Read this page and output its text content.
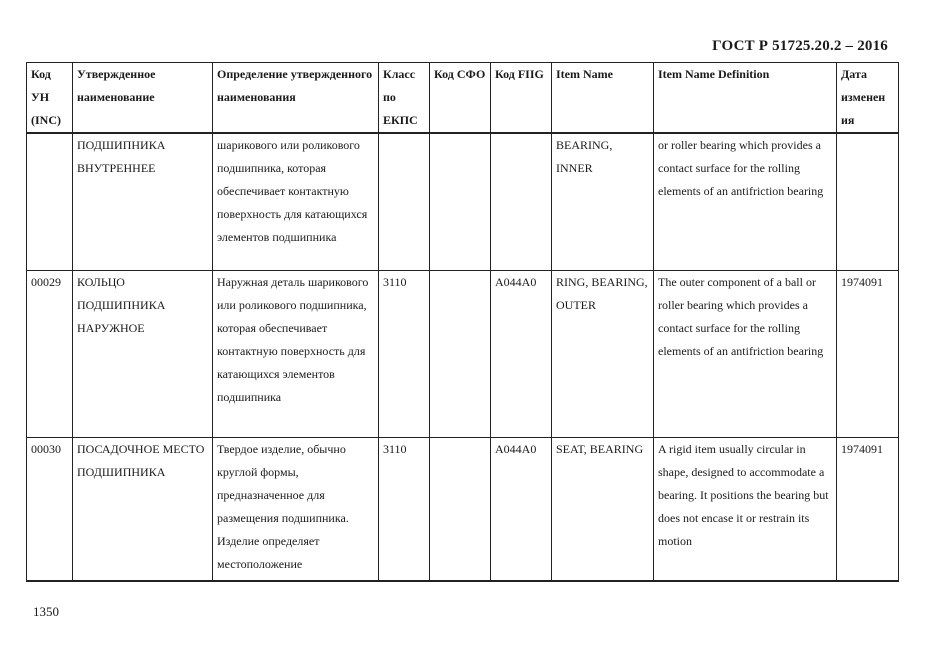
ГОСТ Р 51725.20.2 – 2016
Код УН (INC)	Утвержденное наименование	Определение утвержденного наименования	Класс по ЕКПС	Код СФО	Код FIIG	Item Name	Item Name Definition	Дата изменен ия
	ПОДШИПНИКА ВНУТРЕННЕЕ	шарикового или роликового подшипника, которая обеспечивает контактную поверхность для катающихся элементов подшипника				BEARING, INNER	or roller bearing which provides a contact surface for the rolling elements of an antifriction bearing	
00029	КОЛЬЦО ПОДШИПНИКА НАРУЖНОЕ	Наружная деталь шарикового или роликового подшипника, которая обеспечивает контактную поверхность для катающихся элементов подшипника	3110		A044A0	RING, BEARING, OUTER	The outer component of a ball or roller bearing which provides a contact surface for the rolling elements of an antifriction bearing	1974091
00030	ПОСАДОЧНОЕ МЕСТО ПОДШИПНИКА	Твердое изделие, обычно круглой формы, предназначенное для размещения подшипника. Изделие определяет местоположение	3110		A044A0	SEAT, BEARING	A rigid item usually circular in shape, designed to accommodate a bearing. It positions the bearing but does not encase it or restrain its motion	1974091
1350
